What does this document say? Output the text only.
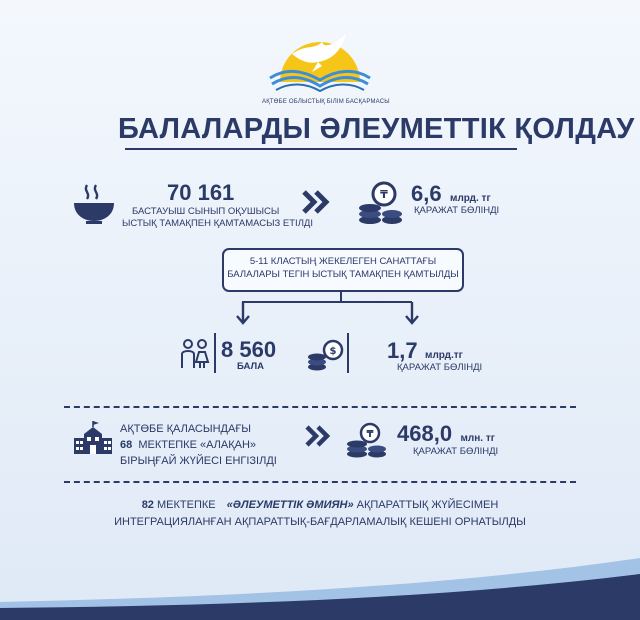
АҚТӨБЕ ОБЛЫСТЫҚ БІЛІМ БАСҚАРМАСЫ
БАЛАЛАРДЫ ӘЛЕУМЕТТІК ҚОЛДАУ
70 161
БАСТАУЫШ СЫНЫП ОҚУШЫСЫ
ЫСТЫҚ ТАМАҚПЕН ҚАМТАМАСЫЗ ЕТІЛДІ
₸ 6,6 млрд. тг
ҚАРАЖАТ БӨЛІНДІ
5-11 КЛАСТЫҢ ЖЕКЕЛЕГЕН САНАТТАҒЫ
БАЛАЛАРЫ ТЕГІН ЫСТЫҚ ТАМАҚПЕН ҚАМТЫЛДЫ
8 560
БАЛА
$ 1,7 млрд.тг
ҚАРАЖАТ БӨЛІНДІ
АҚТӨБЕ ҚАЛАСЫНДАҒЫ
68 МЕКТЕПКЕ «АЛАҚАН»
БІРЫҢҒАЙ ЖҮЙЕСІ ЕНГІЗІЛДІ
₸ 468,0 млн. тг
ҚАРАЖАТ БӨЛІНДІ
82 МЕКТЕПКЕ «ӘЛЕУМЕТТІК ӘМИЯН» АҚПАРАТТЫҚ ЖҮЙЕСІМЕН
ИНТЕГРАЦИЯЛАНҒАН АҚПАРАТТЫҚ-БАҒДАРЛАМАЛЫҚ КЕШЕНІ ОРНАТЫЛДЫ
